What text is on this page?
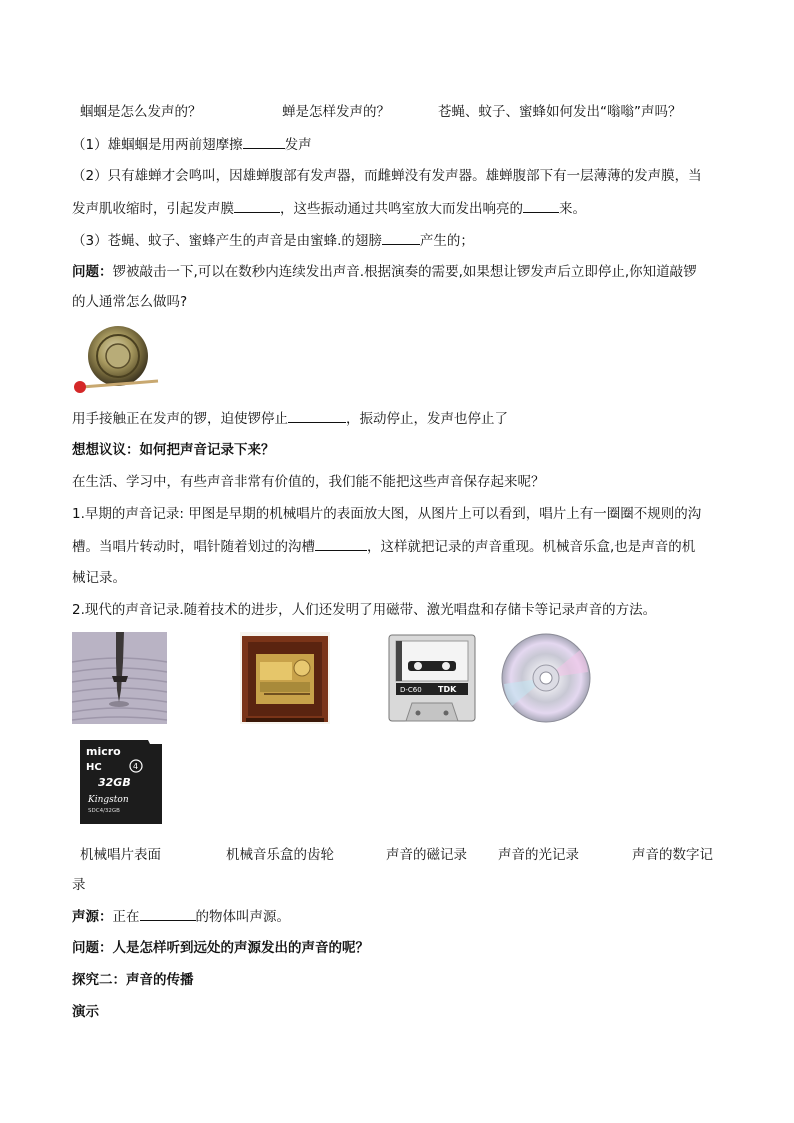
蝈蝈是怎么发声的？	蝉是怎样发声的？	苍蝇、蚊子、蜜蜂如何发出“嗡嗡”声吗？
（1）雄蝈蝈是用两前翅摩擦	发声
（2）只有雄蝉才会鸣叫，因雄蝉腹部有发声器，而雌蝉没有发声器。雄蝉腹部下有一层薄薄的发声膜，当
发声肌收缩时，引起发声膜	，这些振动通过共鸣室放大而发出响亮的	来。
（3）苍蝇、蚊子、蜜蜂产生的声音是由蜜蜂.的翅膀	产生的；
问题：锣被敲击一下,可以在数秒内连续发出声音.根据演奏的需要,如果想让锣发声后立即停止,你知道敲锣
的人通常怎么做吗?
用手接触正在发声的锣，迫使锣停止	，振动停止，发声也停止了
想想议议：如何把声音记录下来？
在生活、学习中，有些声音非常有价值的，我们能不能把这些声音保存起来呢？
1.早期的声音记录: 甲图是早期的机械唱片的表面放大图，从图片上可以看到，唱片上有一圈圈不规则的沟
槽。当唱片转动时，唱针随着划过的沟槽	，这样就把记录的声音重现。机械音乐盒,也是声音的机
械记录。
2.现代的声音记录.随着技术的进步，人们还发明了用磁带、激光唱盘和存储卡等记录声音的方法。
D-C60 TDK
micro
HC	4
32GB
Kingston
SDC4/32GB
机械唱片表面	机械音乐盒的齿轮	声音的磁记录 声音的光记录	声音的数字记
录
声源：正在	的物体叫声源。
问题：人是怎样听到远处的声源发出的声音的呢？
探究二：声音的传播
演示
